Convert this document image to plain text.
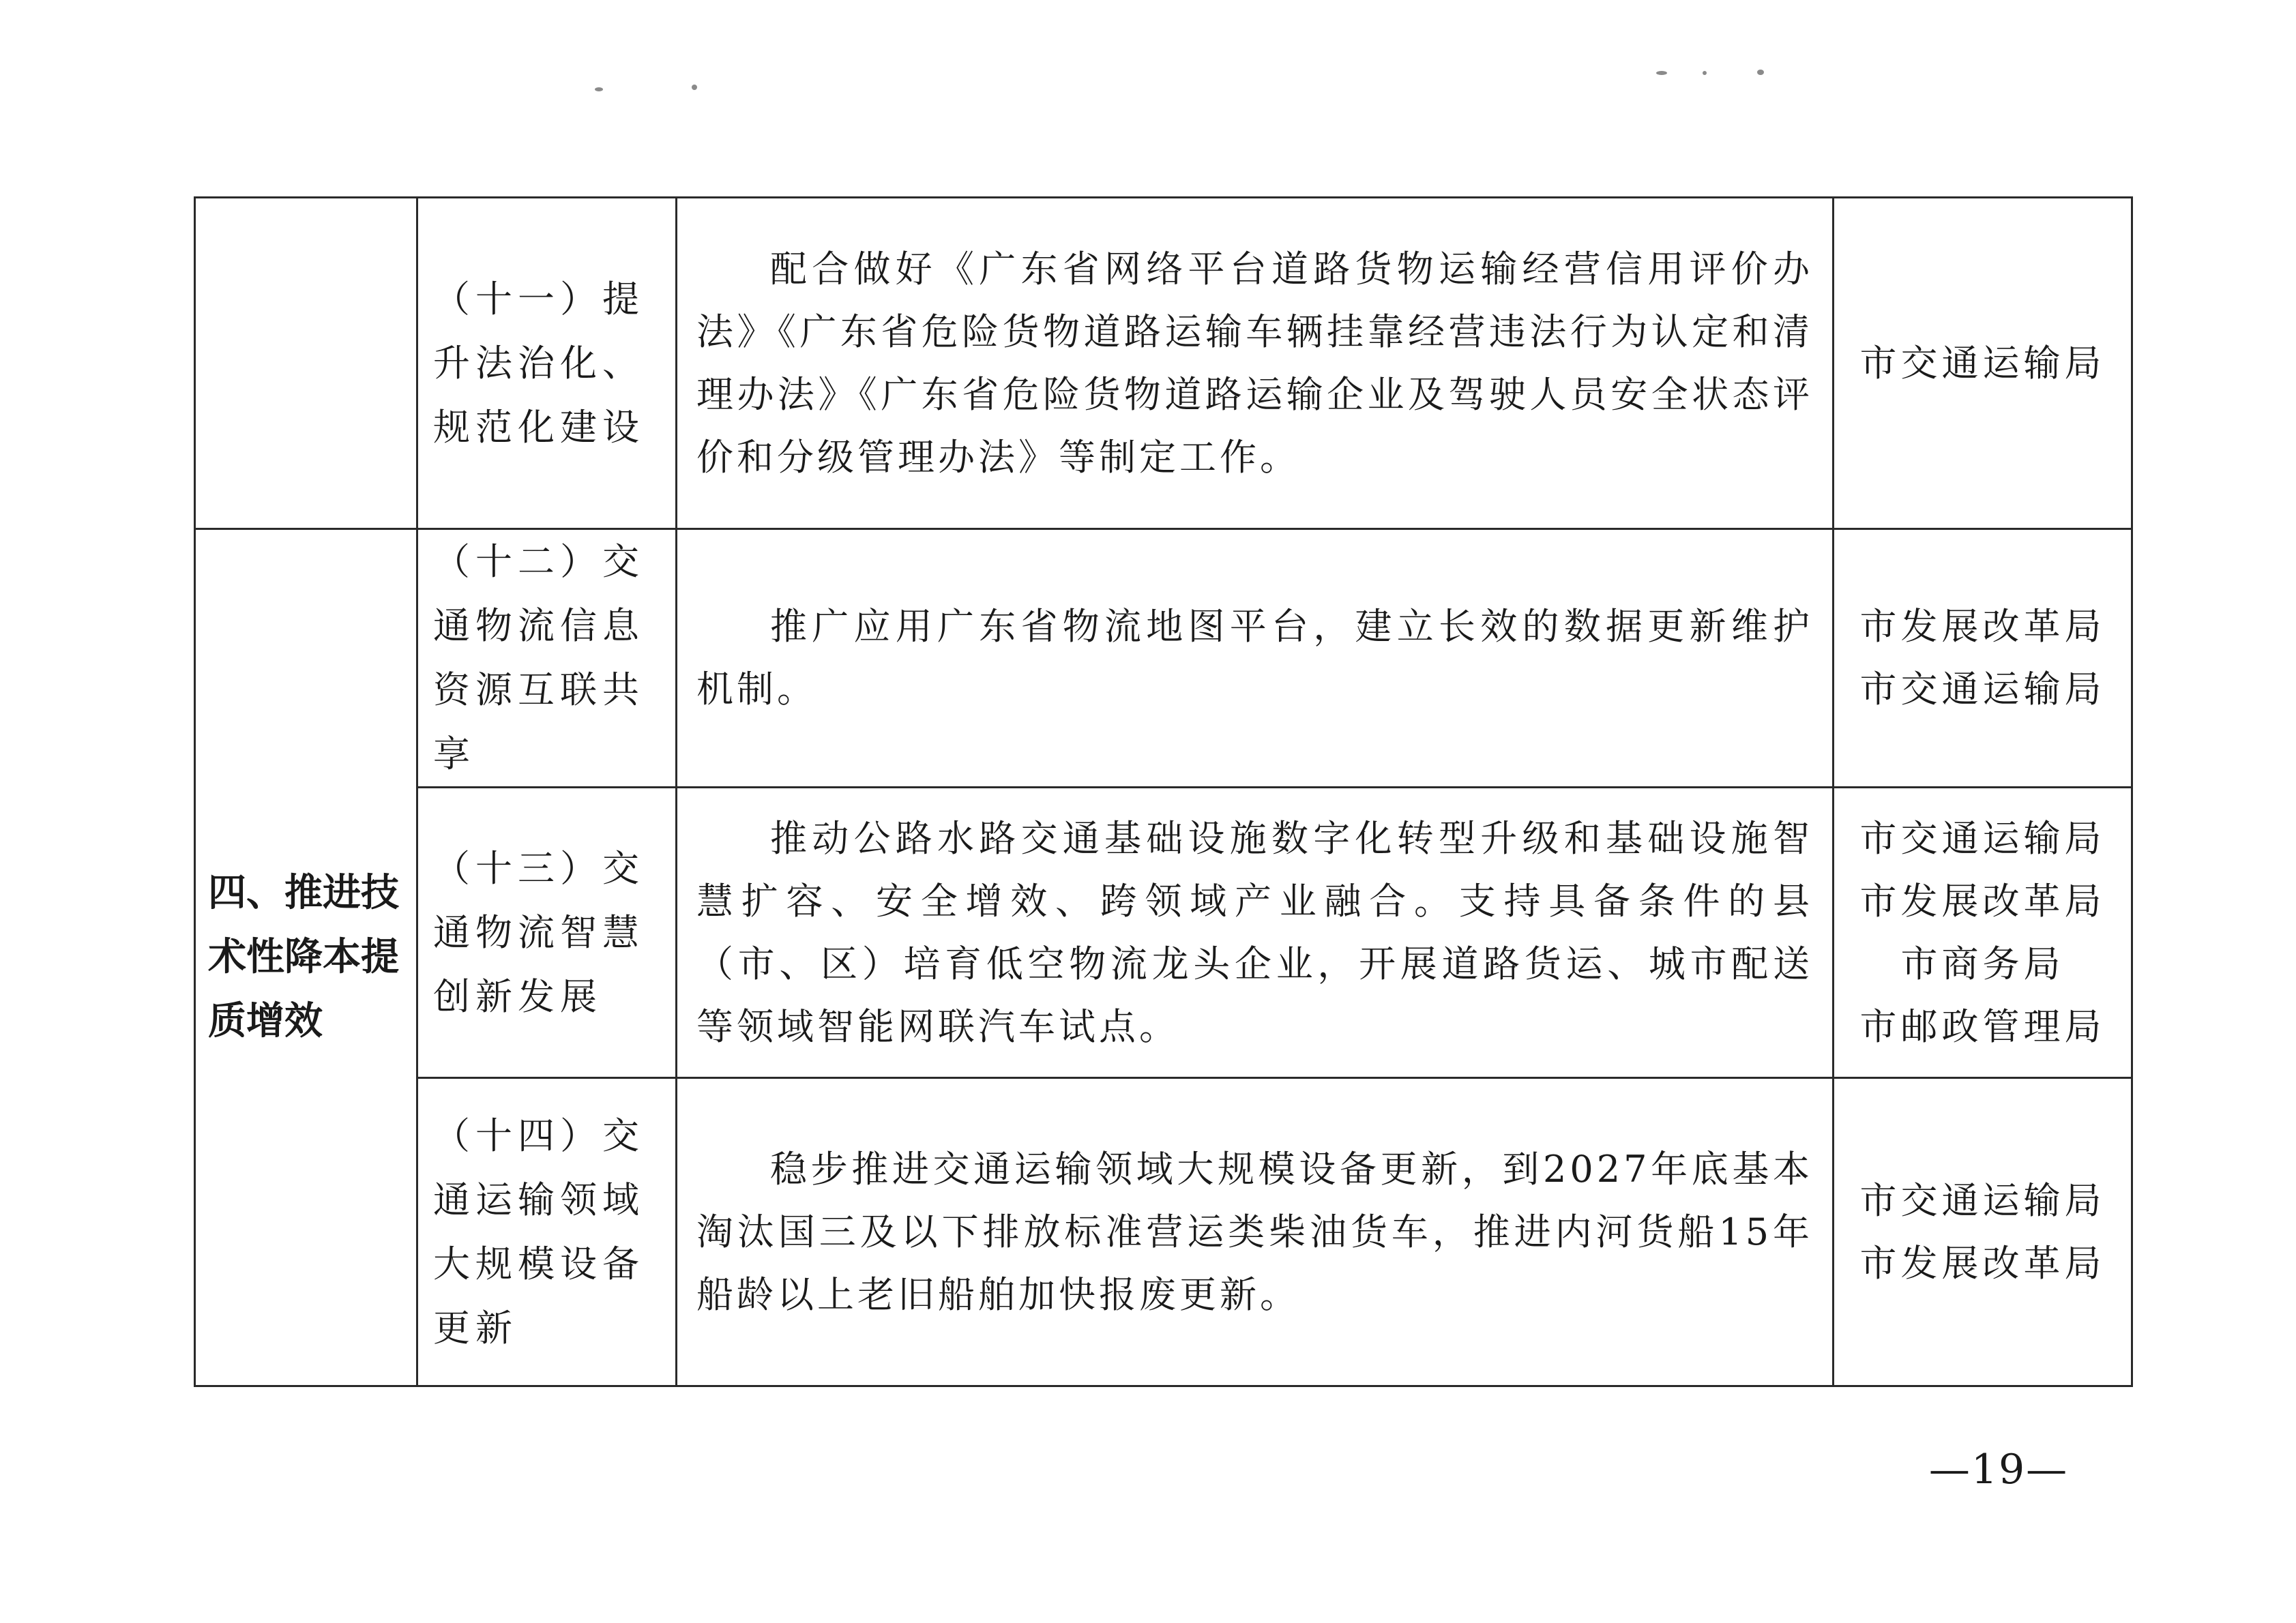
	（十一）提升法治化、规范化建设	配合做好《广东省网络平台道路货物运输经营信用评价办法》《广东省危险货物道路运输车辆挂靠经营违法行为认定和清理办法》《广东省危险货物道路运输企业及驾驶人员安全状态评价和分级管理办法》等制定工作。	市交通运输局

四、推进技术性降本提质增效	（十二）交通物流信息资源互联共享	推广应用广东省物流地图平台，建立长效的数据更新维护机制。	市发展改革局
市交通运输局

	（十三）交通物流智慧创新发展	推动公路水路交通基础设施数字化转型升级和基础设施智慧扩容、安全增效、跨领域产业融合。支持具备条件的县（市、区）培育低空物流龙头企业，开展道路货运、城市配送等领域智能网联汽车试点。	市交通运输局
市发展改革局
市商务局
市邮政管理局

	（十四）交通运输领域大规模设备更新	稳步推进交通运输领域大规模设备更新，到2027年底基本淘汰国三及以下排放标准营运类柴油货车，推进内河货船15年船龄以上老旧船舶加快报废更新。	市交通运输局
市发展改革局
—19—
